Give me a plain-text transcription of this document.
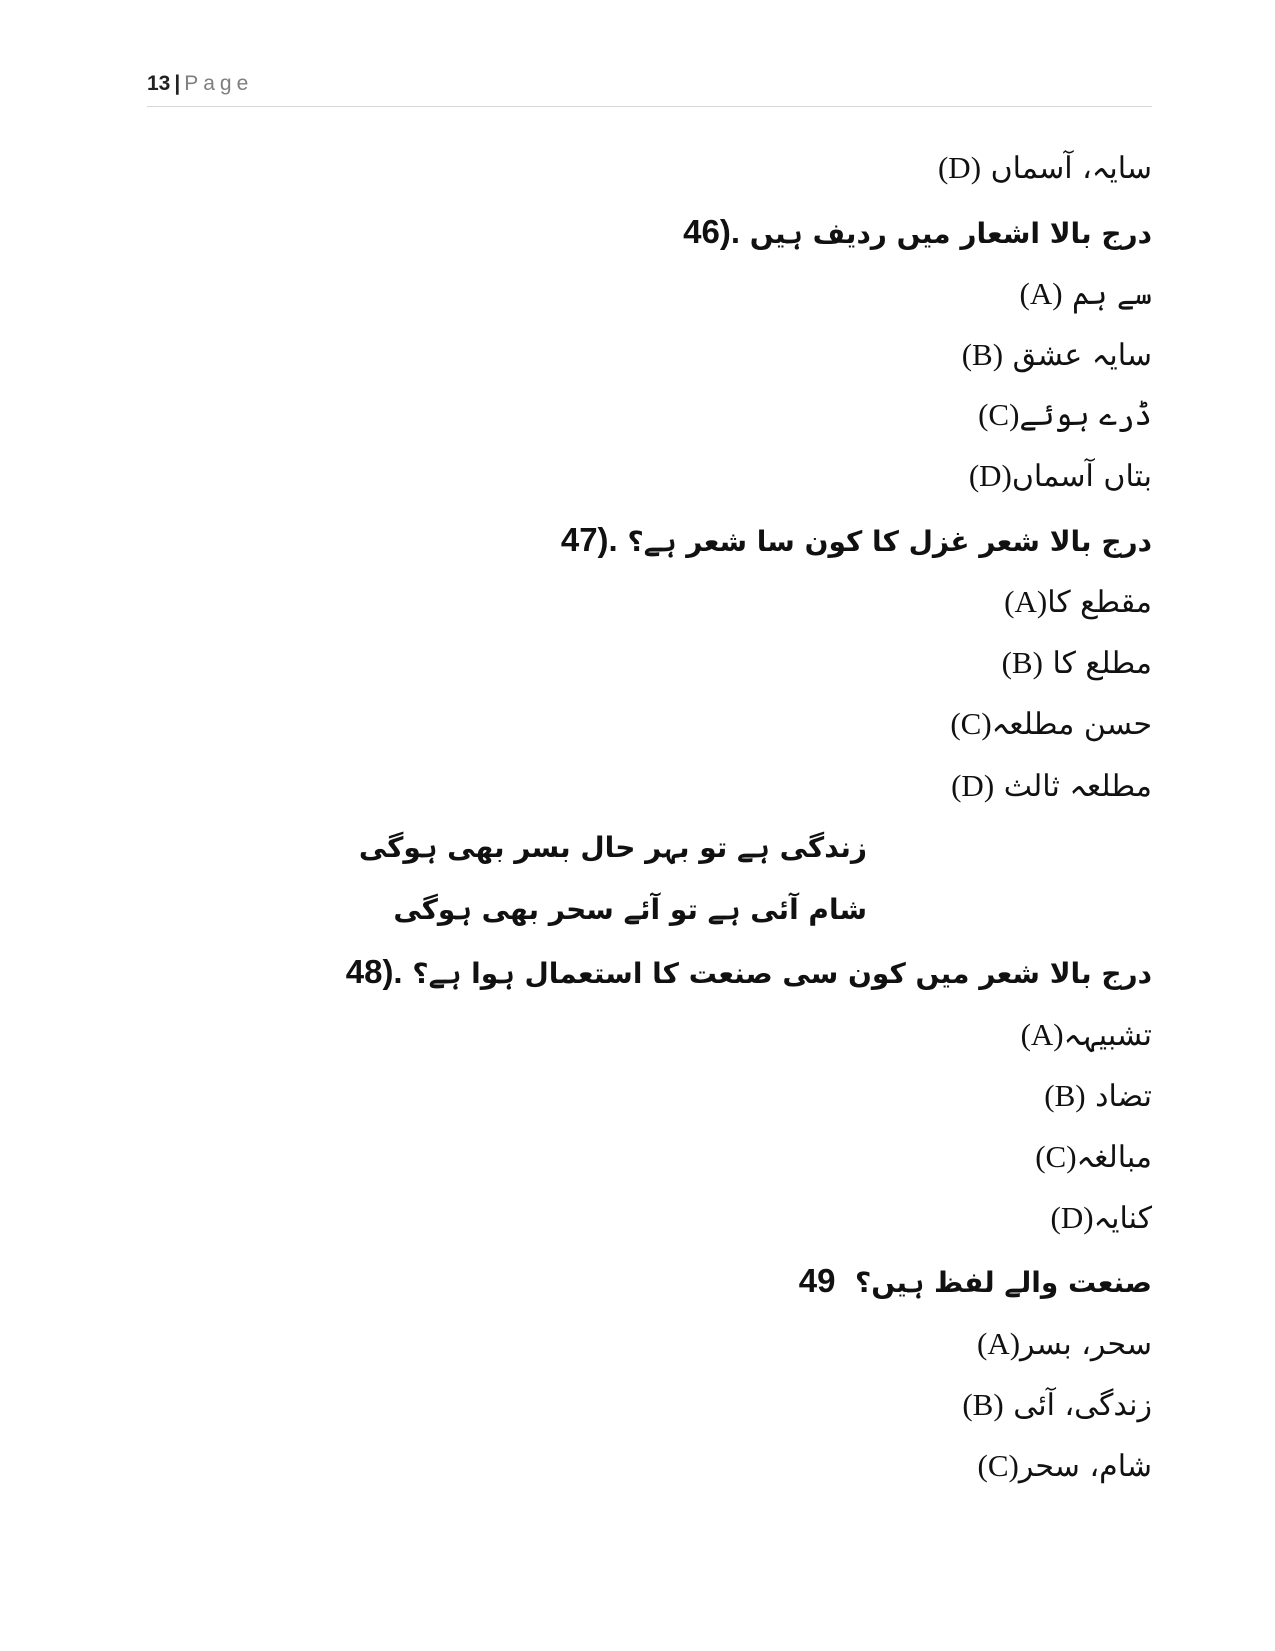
13 | Page
(D) سایہ، آسماں
46). درج بالا اشعار میں ردیف ہیں
(A) سے ہم
(B) سایہ عشق
(C)ڈرے ہوئے
(D)بتاں آسماں
47). درج بالا شعر غزل کا کون سا شعر ہے؟
(A)مقطع کا
(B) مطلع کا
(C)حسن مطلعہ
(D) مطلعہ ثالث
زندگی ہے تو بہر حال بسر بھی ہوگی
شام آئی ہے تو آئے سحر بھی ہوگی
48). درج بالا شعر میں کون سی صنعت کا استعمال ہوا ہے؟
(A)تشبیہہ
(B) تضاد
(C)مبالغہ
(D)کنایہ
49 صنعت والے لفظ ہیں؟
(A)سحر، بسر
(B) زندگی، آئی
(C)شام، سحر
